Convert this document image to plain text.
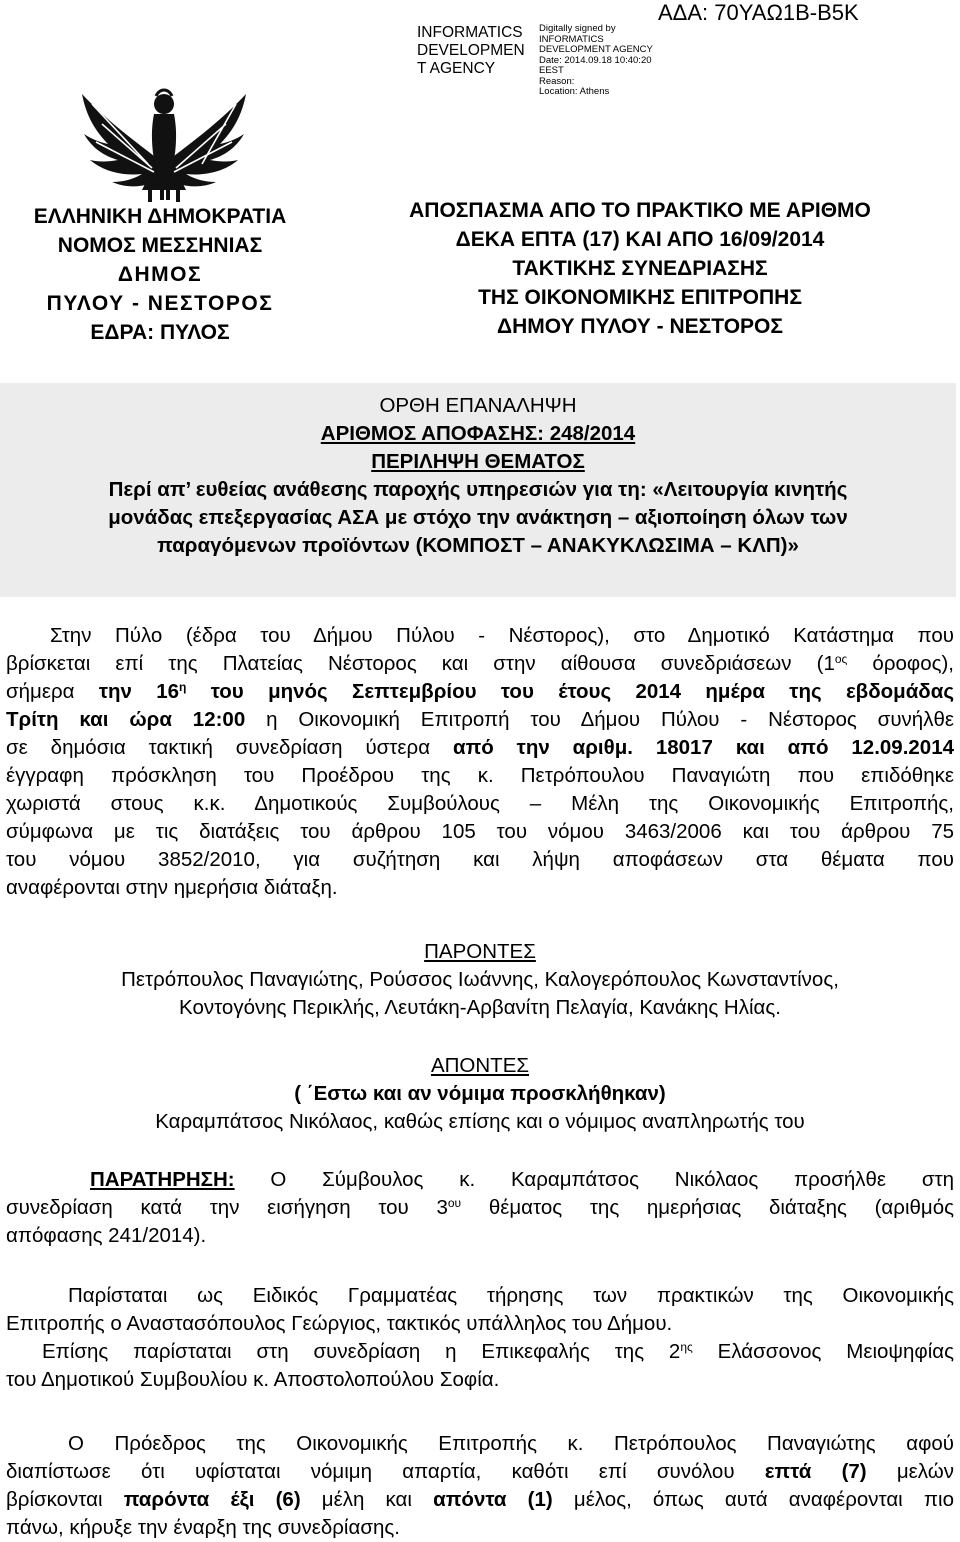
INFORMATICS DEVELOPMEN T AGENCY
Digitally signed by
INFORMATICS
DEVELOPMENT AGENCY
Date: 2014.09.18 10:40:20
EEST
Reason:
Location: Athens
ΑΔΑ: 70ΥΑΩ1Β-Β5Κ
ΕΛΛΗΝΙΚΗ ΔΗΜΟΚΡΑΤΙΑ
ΝΟΜΟΣ ΜΕΣΣΗΝΙΑΣ
ΔΗΜΟΣ
ΠΥΛΟΥ - ΝΕΣΤΟΡΟΣ
ΕΔΡΑ: ΠΥΛΟΣ
ΑΠΟΣΠΑΣΜΑ ΑΠΟ ΤΟ ΠΡΑΚΤΙΚΟ ΜΕ ΑΡΙΘΜΟ
ΔΕΚΑ ΕΠΤΑ (17) ΚΑΙ ΑΠΟ 16/09/2014
ΤΑΚΤΙΚΗΣ ΣΥΝΕΔΡΙΑΣΗΣ
ΤΗΣ ΟΙΚΟΝΟΜΙΚΗΣ ΕΠΙΤΡΟΠΗΣ
ΔΗΜΟΥ ΠΥΛΟΥ - ΝΕΣΤΟΡΟΣ
ΟΡΘΗ ΕΠΑΝΑΛΗΨΗ
ΑΡΙΘΜΟΣ ΑΠΟΦΑΣΗΣ: 248/2014
ΠΕΡΙΛΗΨΗ ΘΕΜΑΤΟΣ
Περί απ’ ευθείας ανάθεσης παροχής υπηρεσιών για τη: «Λειτουργία κινητής
μονάδας επεξεργασίας ΑΣΑ με στόχο την ανάκτηση – αξιοποίηση όλων των
παραγόμενων προϊόντων (ΚΟΜΠΟΣΤ – ΑΝΑΚΥΚΛΩΣΙΜΑ – ΚΛΠ)»
Στην Πύλο (έδρα του Δήμου Πύλου - Νέστορος), στο Δημοτικό Κατάστημα που
βρίσκεται επί της Πλατείας Νέστορος και στην αίθουσα συνεδριάσεων ($1^{o\varsigma}$ όροφος),
σήμερα την $16^\eta$ του μηνός Σεπτεμβρίου του έτους 2014 ημέρα της εβδομάδας
Τρίτη και ώρα 12:00 η Οικονομική Επιτροπή του Δήμου Πύλου - Νέστορος συνήλθε
σε δημόσια τακτική συνεδρίαση ύστερα από την αριθμ. 18017 και από 12.09.2014
έγγραφη πρόσκληση του Προέδρου της κ. Πετρόπουλου Παναγιώτη που επιδόθηκε
χωριστά στους κ.κ. Δημοτικούς Συμβούλους – Μέλη της Οικονομικής Επιτροπής,
σύμφωνα με τις διατάξεις του άρθρου 105 του νόμου 3463/2006 και του άρθρου 75
του νόμου 3852/2010, για συζήτηση και λήψη αποφάσεων στα θέματα που
αναφέρονται στην ημερήσια διάταξη.
ΠΑΡΟΝΤΕΣ
Πετρόπουλος Παναγιώτης, Ρούσσος Ιωάννης, Καλογερόπουλος Κωνσταντίνος,
Κοντογόνης Περικλής, Λευτάκη-Αρβανίτη Πελαγία, Κανάκης Ηλίας.
ΑΠΟΝΤΕΣ
( ΄Εστω και αν νόμιμα προσκλήθηκαν)
Καραμπάτσος Νικόλαος, καθώς επίσης και ο νόμιμος αναπληρωτής του
ΠΑΡΑΤΗΡΗΣΗ: Ο Σύμβουλος κ. Καραμπάτσος Νικόλαος προσήλθε στη
συνεδρίαση κατά την εισήγηση του $3^{o\upsilon}$ θέματος της ημερήσιας διάταξης (αριθμός
απόφασης 241/2014).
Παρίσταται ως Ειδικός Γραμματέας τήρησης των πρακτικών της Οικονομικής
Επιτροπής ο Αναστασόπουλος Γεώργιος, τακτικός υπάλληλος του Δήμου.
Επίσης παρίσταται στη συνεδρίαση η Επικεφαλής της $2^{\eta\varsigma}$ Ελάσσονος Μειοψηφίας
του Δημοτικού Συμβουλίου κ. Αποστολοπούλου Σοφία.
Ο Πρόεδρος της Οικονομικής Επιτροπής κ. Πετρόπουλος Παναγιώτης αφού
διαπίστωσε ότι υφίσταται νόμιμη απαρτία, καθότι επί συνόλου επτά (7) μελών
βρίσκονται παρόντα έξι (6) μέλη και απόντα (1) μέλος, όπως αυτά αναφέρονται πιο
πάνω, κήρυξε την έναρξη της συνεδρίασης.
